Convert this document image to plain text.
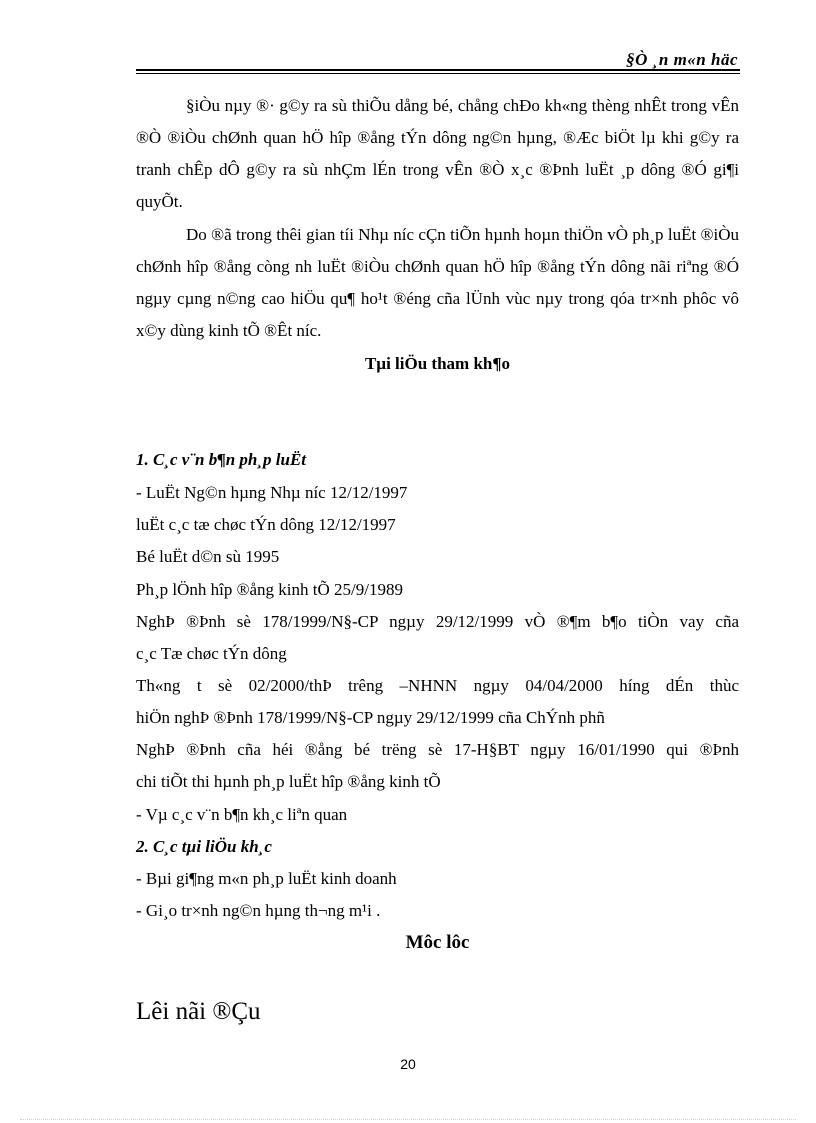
§Ò ¸n m«n häc

§iÒu nµy ®· g©y ra sù thiÕu dång bé, chång chÐo kh«ng thèng nhÊt trong vÊn ®Ò ®iÒu chØnh quan hÖ hîp ®ång tÝn dông ng©n hµng, ®Æc biÖt lµ khi g©y ra tranh chÊp dÔ g©y ra sù nhÇm lÉn trong vÊn ®Ò x¸c ®Þnh luËt ¸p dông ®Ó gi¶i quyÕt.

Do ®ã trong thêi gian tíi Nhµ níc cÇn tiÕn hµnh hoµn thiÖn vÒ ph¸p luËt ®iÒu chØnh hîp ®ång còng nh luËt ®iÒu chØnh quan hÖ hîp ®ång tÝn dông nãi riªng ®Ó ngµy cµng n©ng cao hiÖu qu¶ ho¹t ®éng cña lÜnh vùc nµy trong qóa tr×nh phôc vô x©y dùng kinh tÕ ®Êt níc.

Tµi liÖu tham kh¶o
1. C¸c v¨n b¶n ph¸p luËt
- LuËt Ng©n hµng Nhµ níc 12/12/1997
luËt c¸c tæ chøc tÝn dông 12/12/1997
Bé luËt d©n sù 1995
Ph¸p lÖnh hîp ®ång kinh tÕ 25/9/1989
NghÞ ®Þnh sè 178/1999/N§-CP ngµy 29/12/1999 vÒ ®¶m b¶o tiÒn vay cña
c¸c Tæ chøc tÝn dông
Th«ng t sè 02/2000/thÞ trêng –NHNN ngµy 04/04/2000 híng dÉn thùc
hiÖn nghÞ ®Þnh 178/1999/N§-CP ngµy 29/12/1999 cña ChÝnh phñ
NghÞ ®Þnh cña héi ®ång bé trëng sè 17-H§BT ngµy 16/01/1990 qui ®Þnh
chi tiÕt thi hµnh ph¸p luËt hîp ®ång kinh tÕ
- Vµ c¸c v¨n b¶n kh¸c liªn quan
2. C¸c tµi liÖu kh¸c
- Bµi gi¶ng m«n ph¸p luËt kinh doanh
- Gi¸o tr×nh ng©n hµng th¬ng m¹i .
Môc lôc
Lêi nãi ®Çu
20
